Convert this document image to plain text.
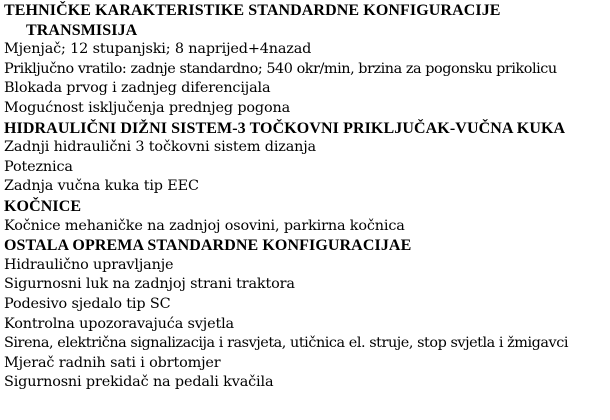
TEHNIČKE KARAKTERISTIKE STANDARDNE KONFIGURACIJE
TRANSMISIJA
Mjenjač; 12 stupanjski; 8 naprijed+4nazad
Priključno vratilo: zadnje standardno; 540 okr/min, brzina za pogonsku prikolicu
Blokada prvog i zadnjeg diferencijala
Mogućnost isključenja prednjeg pogona
HIDRAULIČNI DIŽNI SISTEM-3 TOČKOVNI PRIKLJUČAK-VUČNA KUKA
Zadnji hidraulični 3 točkovni sistem dizanja
Poteznica
Zadnja vučna kuka tip EEC
KOČNICE
Kočnice mehaničke na zadnjoj osovini, parkirna kočnica
OSTALA OPREMA STANDARDNE KONFIGURACIJAE
Hidraulično upravljanje
Sigurnosni luk na zadnjoj strani traktora
Podesivo sjedalo tip SC
Kontrolna upozoravajuća svjetla
Sirena, električna signalizacija i rasvjeta, utičnica el. struje, stop svjetla i žmigavci
Mjerač radnih sati i obrtomjer
Sigurnosni prekidač na pedali kvačila
